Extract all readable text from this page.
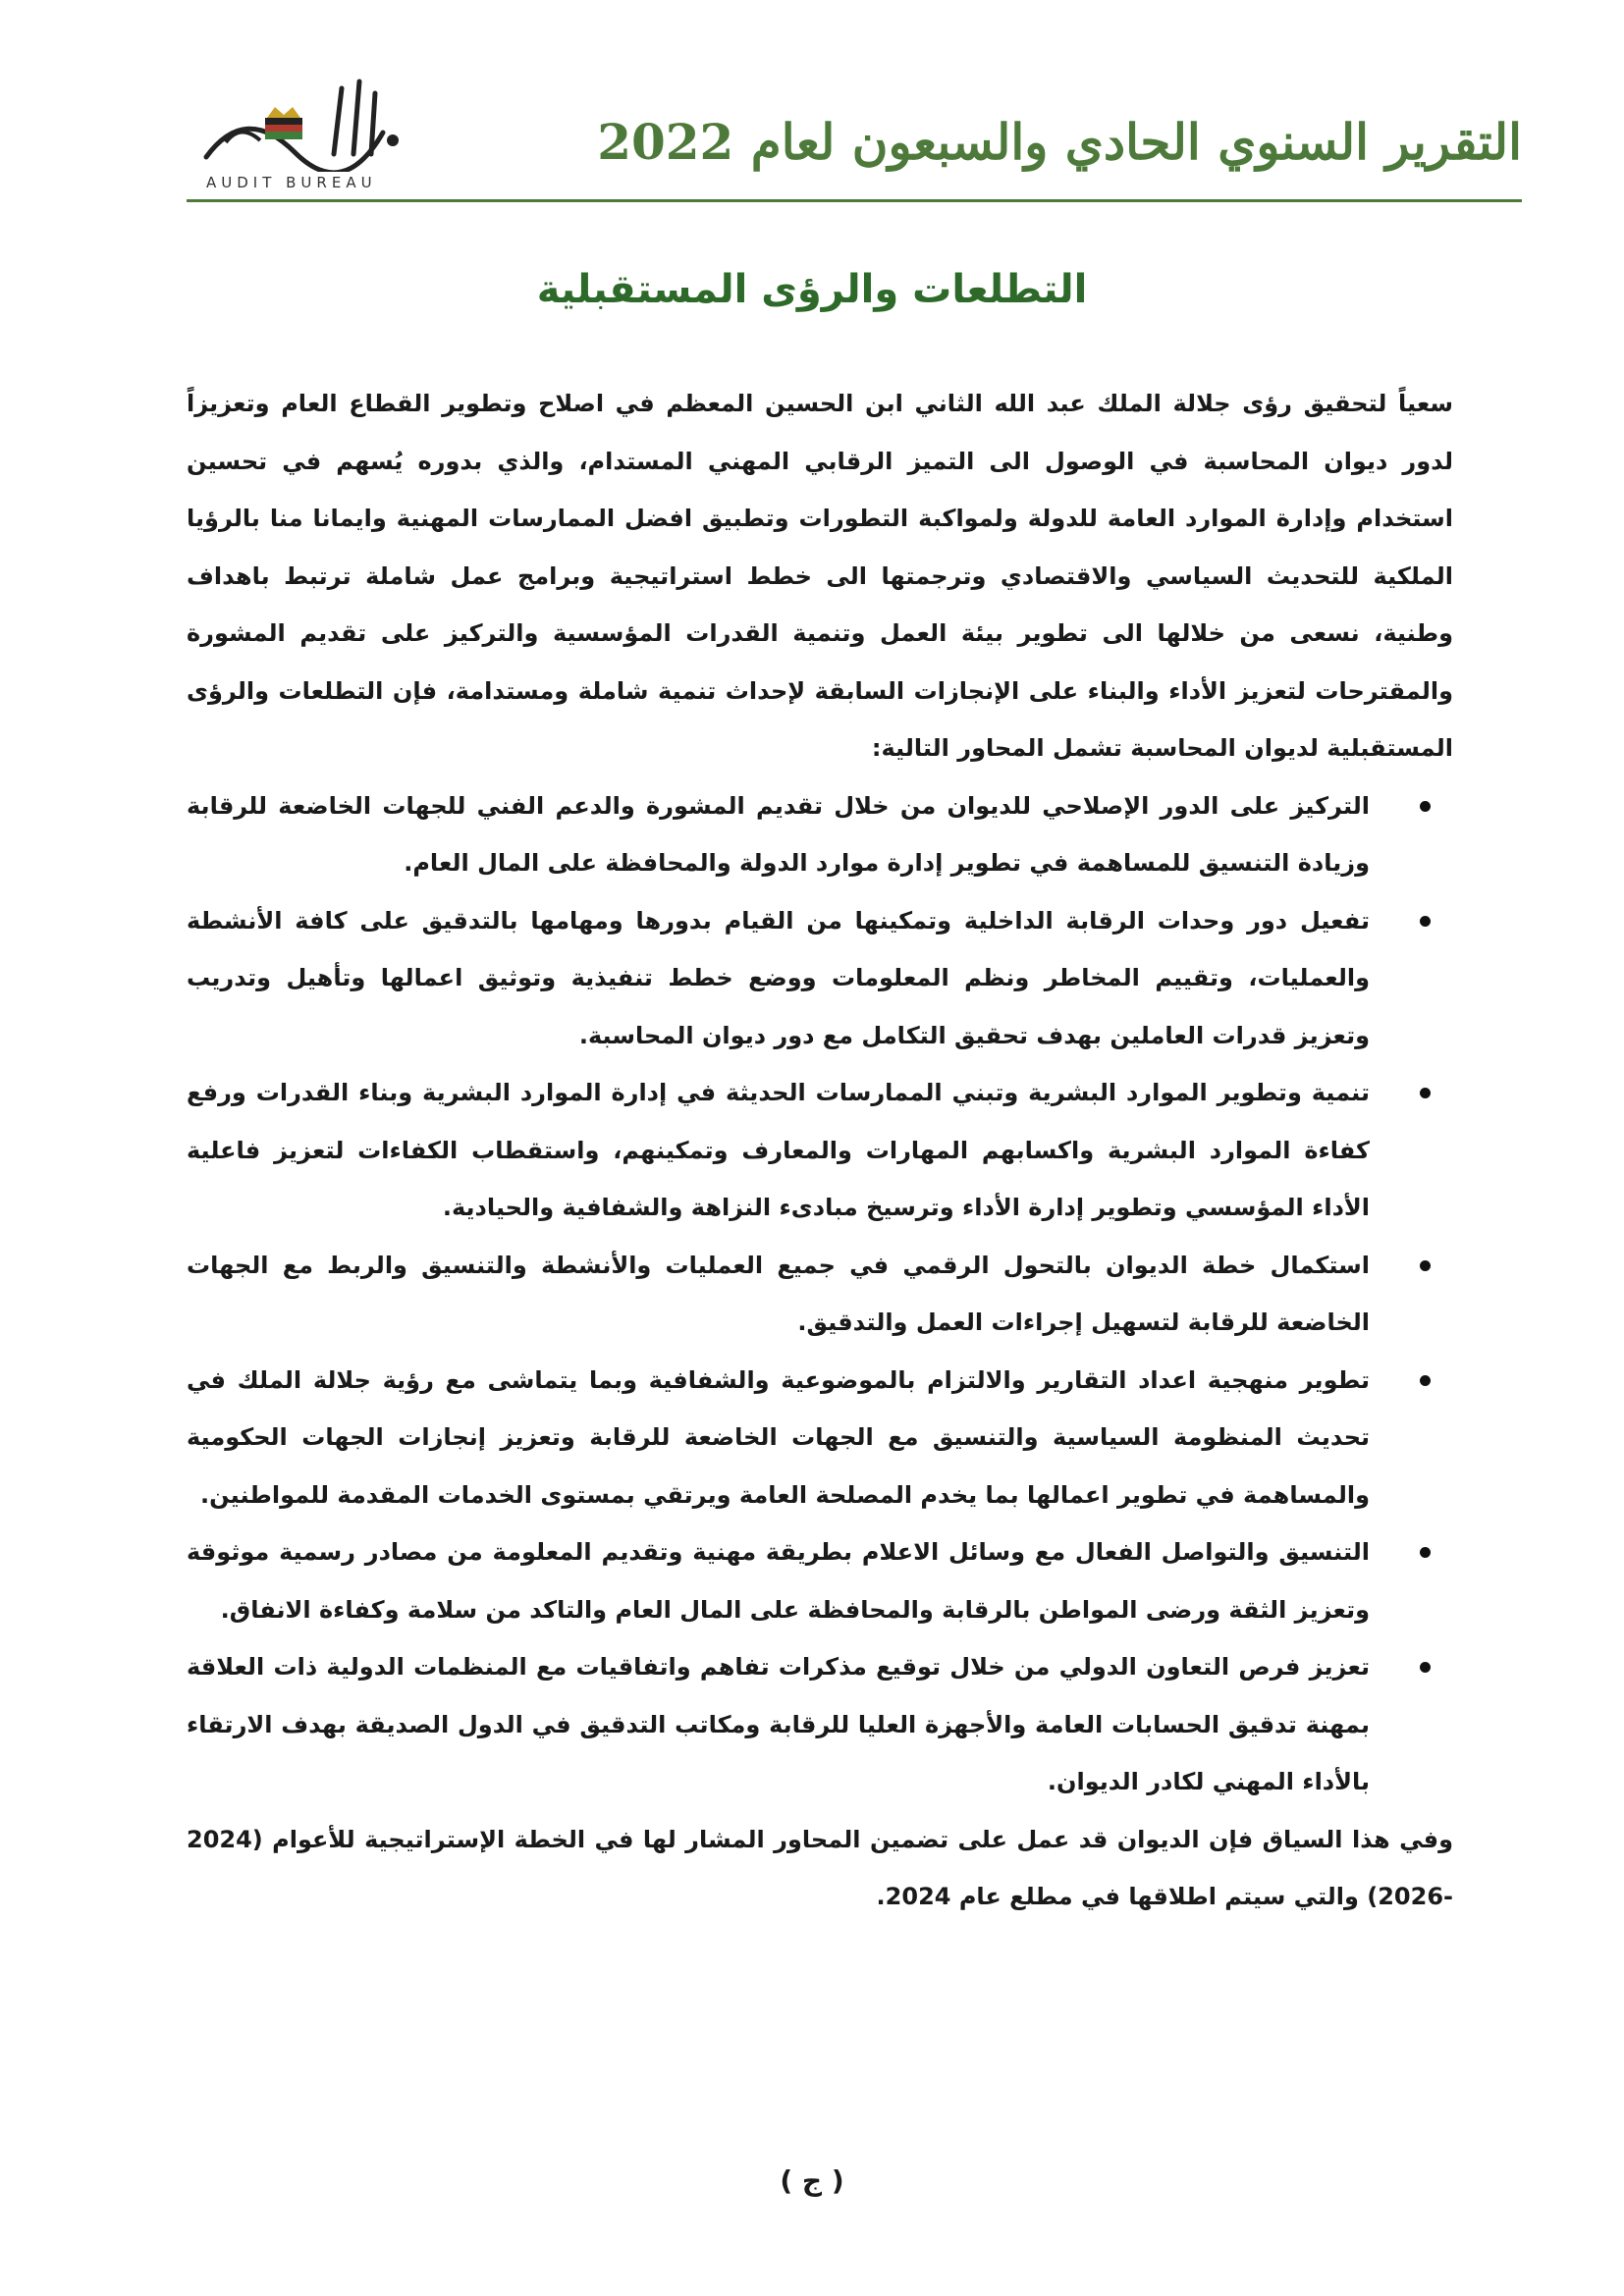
التقرير السنوي الحادي والسبعون لعام 2022
AUDIT BUREAU
التطلعات والرؤى المستقبلية

سعياً لتحقيق رؤى جلالة الملك عبد الله الثاني ابن الحسين المعظم في اصلاح وتطوير القطاع العام وتعزيزاً لدور ديوان المحاسبة في الوصول الى التميز الرقابي المهني المستدام، والذي بدوره يُسهم في تحسين استخدام وإدارة الموارد العامة للدولة ولمواكبة التطورات وتطبيق افضل الممارسات المهنية وايمانا منا بالرؤيا الملكية للتحديث السياسي والاقتصادي وترجمتها الى خطط استراتيجية وبرامج عمل شاملة ترتبط باهداف وطنية، نسعى من خلالها الى تطوير بيئة العمل وتنمية القدرات المؤسسية والتركيز على تقديم المشورة والمقترحات لتعزيز الأداء والبناء على الإنجازات السابقة لإحداث تنمية شاملة ومستدامة، فإن التطلعات والرؤى المستقبلية لديوان المحاسبة تشمل المحاور التالية:

التركيز على الدور الإصلاحي للديوان من خلال تقديم المشورة والدعم الفني للجهات الخاضعة للرقابة وزيادة التنسيق للمساهمة في تطوير إدارة موارد الدولة والمحافظة على المال العام.
تفعيل دور وحدات الرقابة الداخلية وتمكينها من القيام بدورها ومهامها بالتدقيق على كافة الأنشطة والعمليات، وتقييم المخاطر ونظم المعلومات ووضع خطط تنفيذية وتوثيق اعمالها وتأهيل وتدريب وتعزيز قدرات العاملين بهدف تحقيق التكامل مع دور ديوان المحاسبة.
تنمية وتطوير الموارد البشرية وتبني الممارسات الحديثة في إدارة الموارد البشرية وبناء القدرات ورفع كفاءة الموارد البشرية واكسابهم المهارات والمعارف وتمكينهم، واستقطاب الكفاءات لتعزيز فاعلية الأداء المؤسسي وتطوير إدارة الأداء وترسيخ مبادىء النزاهة والشفافية والحيادية.
استكمال خطة الديوان بالتحول الرقمي في جميع العمليات والأنشطة والتنسيق والربط مع الجهات الخاضعة للرقابة لتسهيل إجراءات العمل والتدقيق.
تطوير منهجية اعداد التقارير والالتزام بالموضوعية والشفافية وبما يتماشى مع رؤية جلالة الملك في تحديث المنظومة السياسية والتنسيق مع الجهات الخاضعة للرقابة وتعزيز إنجازات الجهات الحكومية والمساهمة في تطوير اعمالها بما يخدم المصلحة العامة ويرتقي بمستوى الخدمات المقدمة للمواطنين.
التنسيق والتواصل الفعال مع وسائل الاعلام بطريقة مهنية وتقديم المعلومة من مصادر رسمية موثوقة وتعزيز الثقة ورضى المواطن بالرقابة والمحافظة على المال العام والتاكد من سلامة وكفاءة الانفاق.
تعزيز فرص التعاون الدولي من خلال توقيع مذكرات تفاهم واتفاقيات مع المنظمات الدولية ذات العلاقة بمهنة تدقيق الحسابات العامة والأجهزة العليا للرقابة ومكاتب التدقيق في الدول الصديقة بهدف الارتقاء بالأداء المهني لكادر الديوان.

وفي هذا السياق فإن الديوان قد عمل على تضمين المحاور المشار لها في الخطة الإستراتيجية للأعوام (2024 -2026) والتي سيتم اطلاقها في مطلع عام 2024.

( ج )
